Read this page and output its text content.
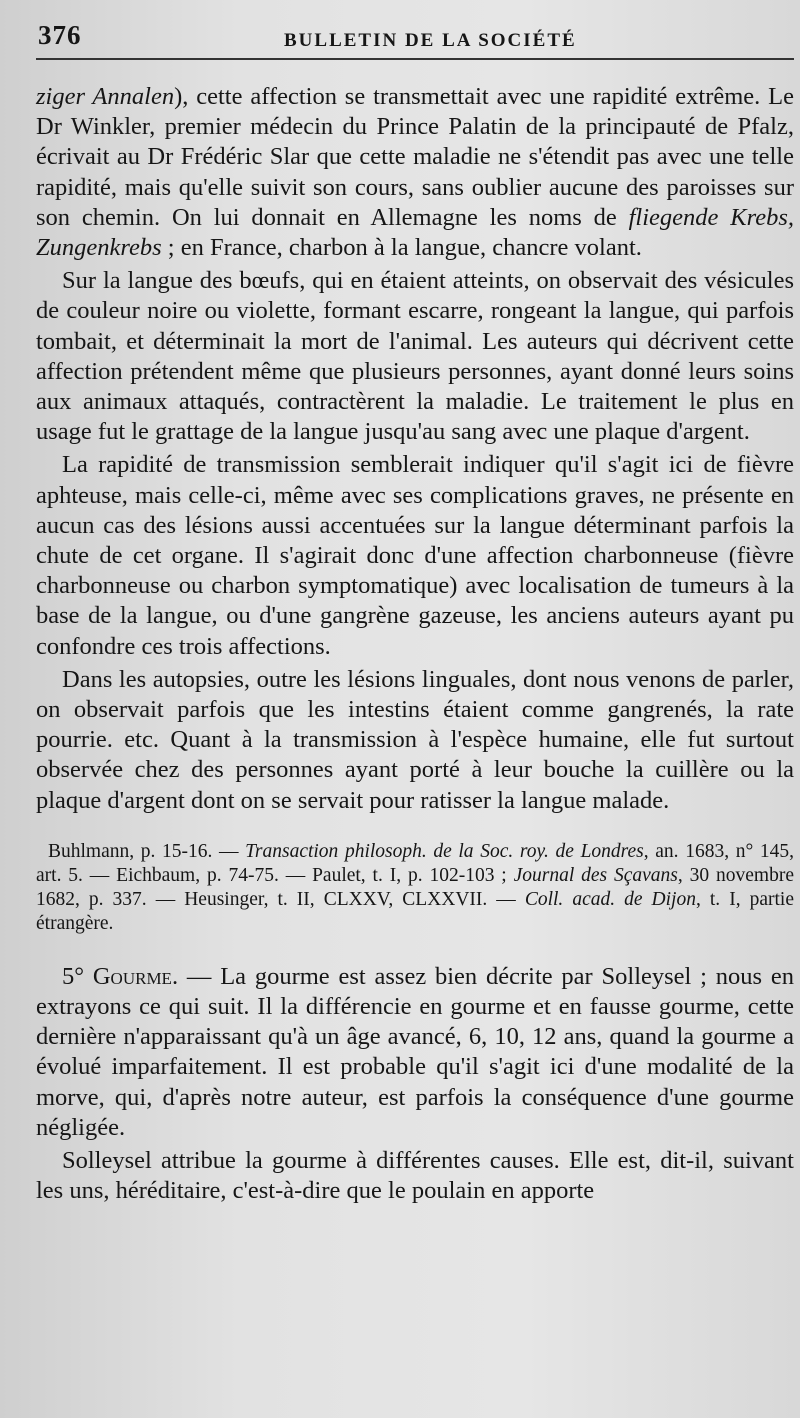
376	BULLETIN DE LA SOCIÉTÉ

ziger Annalen), cette affection se transmettait avec une rapidité extrême. Le Dr Winkler, premier médecin du Prince Palatin de la principauté de Pfalz, écrivait au Dr Frédéric Slar que cette maladie ne s'étendit pas avec une telle rapidité, mais qu'elle suivit son cours, sans oublier aucune des paroisses sur son chemin. On lui donnait en Allemagne les noms de fliegende Krebs, Zungenkrebs ; en France, charbon à la langue, chancre volant.

Sur la langue des bœufs, qui en étaient atteints, on observait des vésicules de couleur noire ou violette, formant escarre, rongeant la langue, qui parfois tombait, et déterminait la mort de l'animal. Les auteurs qui décrivent cette affection prétendent même que plusieurs personnes, ayant donné leurs soins aux animaux attaqués, contractèrent la maladie. Le traitement le plus en usage fut le grattage de la langue jusqu'au sang avec une plaque d'argent.

La rapidité de transmission semblerait indiquer qu'il s'agit ici de fièvre aphteuse, mais celle-ci, même avec ses complications graves, ne présente en aucun cas des lésions aussi accentuées sur la langue déterminant parfois la chute de cet organe. Il s'agirait donc d'une affection charbonneuse (fièvre charbonneuse ou charbon symptomatique) avec localisation de tumeurs à la base de la langue, ou d'une gangrène gazeuse, les anciens auteurs ayant pu confondre ces trois affections.

Dans les autopsies, outre les lésions linguales, dont nous venons de parler, on observait parfois que les intestins étaient comme gangrenés, la rate pourrie. etc. Quant à la transmission à l'espèce humaine, elle fut surtout observée chez des personnes ayant porté à leur bouche la cuillère ou la plaque d'argent dont on se servait pour ratisser la langue malade.

Buhlmann, p. 15-16. — Transaction philosoph. de la Soc. roy. de Londres, an. 1683, n° 145, art. 5. — Eichbaum, p. 74-75. — Paulet, t. I, p. 102-103 ; Journal des Sçavans, 30 novembre 1682, p. 337. — Heusinger, t. II, CLXXV, CLXXVII. — Coll. acad. de Dijon, t. I, partie étrangère.

5° Gourme. — La gourme est assez bien décrite par Solleysel ; nous en extrayons ce qui suit. Il la différencie en gourme et en fausse gourme, cette dernière n'apparaissant qu'à un âge avancé, 6, 10, 12 ans, quand la gourme a évolué imparfaitement. Il est probable qu'il s'agit ici d'une modalité de la morve, qui, d'après notre auteur, est parfois la conséquence d'une gourme négligée.

Solleysel attribue la gourme à différentes causes. Elle est, dit-il, suivant les uns, héréditaire, c'est-à-dire que le poulain en apporte
